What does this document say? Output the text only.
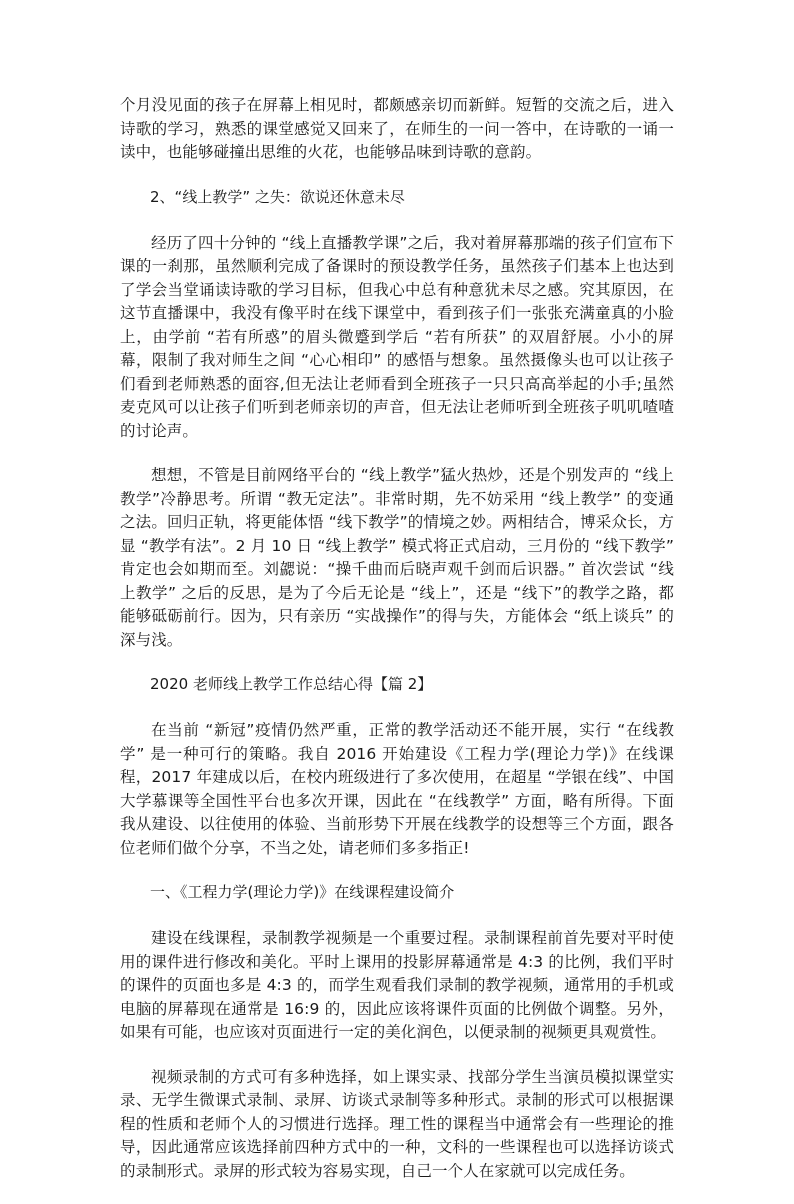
个月没见面的孩子在屏幕上相见时，都颇感亲切而新鲜。短暂的交流之后，进入诗歌的学习，熟悉的课堂感觉又回来了，在师生的一问一答中，在诗歌的一诵一读中，也能够碰撞出思维的火花，也能够品味到诗歌的意韵。

2、“线上教学” 之失：欲说还休意未尽

经历了四十分钟的 “线上直播教学课”之后，我对着屏幕那端的孩子们宣布下课的一刹那，虽然顺利完成了备课时的预设教学任务，虽然孩子们基本上也达到了学会当堂诵读诗歌的学习目标，但我心中总有种意犹未尽之感。究其原因，在这节直播课中，我没有像平时在线下课堂中，看到孩子们一张张充满童真的小脸上，由学前 “若有所惑”的眉头微蹙到学后 “若有所获” 的双眉舒展。小小的屏幕，限制了我对师生之间 “心心相印” 的感悟与想象。虽然摄像头也可以让孩子们看到老师熟悉的面容,但无法让老师看到全班孩子一只只高高举起的小手;虽然麦克风可以让孩子们听到老师亲切的声音，但无法让老师听到全班孩子叽叽喳喳的讨论声。

想想，不管是目前网络平台的 “线上教学”猛火热炒，还是个别发声的 “线上教学”冷静思考。所谓 “教无定法”。非常时期，先不妨采用 “线上教学” 的变通之法。回归正轨，将更能体悟 “线下教学”的情境之妙。两相结合，博采众长，方显 “教学有法”。2 月 10 日 “线上教学” 模式将正式启动，三月份的 “线下教学” 肯定也会如期而至。刘勰说：“操千曲而后晓声观千剑而后识器。” 首次尝试 “线上教学” 之后的反思，是为了今后无论是 “线上”，还是 “线下”的教学之路，都能够砥砺前行。因为，只有亲历 “实战操作”的得与失，方能体会 “纸上谈兵” 的深与浅。

2020 老师线上教学工作总结心得【篇 2】

在当前 “新冠”疫情仍然严重，正常的教学活动还不能开展，实行 “在线教学” 是一种可行的策略。我自 2016 开始建设《工程力学(理论力学)》在线课程，2017 年建成以后，在校内班级进行了多次使用，在超星 “学银在线”、中国大学慕课等全国性平台也多次开课，因此在 “在线教学” 方面，略有所得。下面我从建设、以往使用的体验、当前形势下开展在线教学的设想等三个方面，跟各位老师们做个分享，不当之处，请老师们多多指正!

一、《工程力学(理论力学)》在线课程建设简介

建设在线课程，录制教学视频是一个重要过程。录制课程前首先要对平时使用的课件进行修改和美化。平时上课用的投影屏幕通常是 4:3 的比例，我们平时的课件的页面也多是 4:3 的，而学生观看我们录制的教学视频，通常用的手机或电脑的屏幕现在通常是 16:9 的，因此应该将课件页面的比例做个调整。另外，如果有可能，也应该对页面进行一定的美化润色，以便录制的视频更具观赏性。

视频录制的方式可有多种选择，如上课实录、找部分学生当演员模拟课堂实录、无学生微课式录制、录屏、访谈式录制等多种形式。录制的形式可以根据课程的性质和老师个人的习惯进行选择。理工性的课程当中通常会有一些理论的推导，因此通常应该选择前四种方式中的一种，文科的一些课程也可以选择访谈式的录制形式。录屏的形式较为容易实现，自己一个人在家就可以完成任务。
